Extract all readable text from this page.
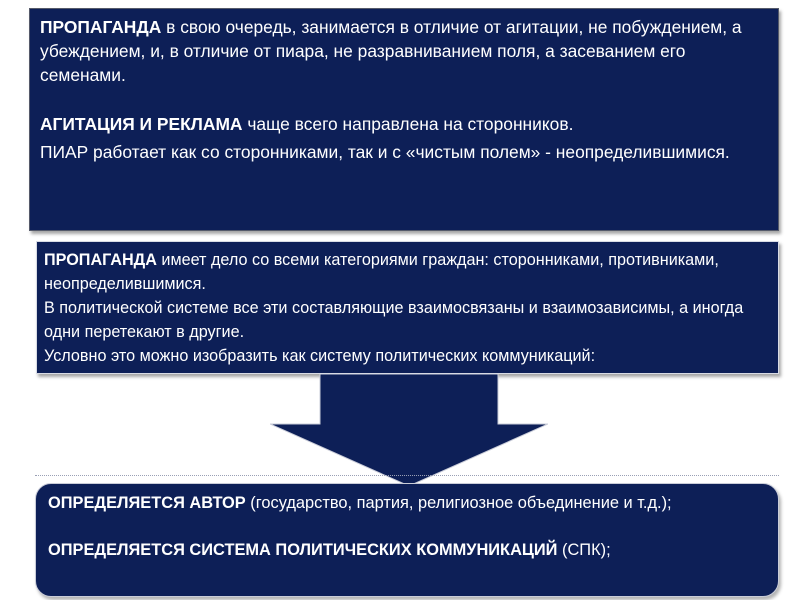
ПРОПАГАНДА в свою очередь, занимается в отличие от агитации, не побуждением, а убеждением, и, в отличие от пиара, не разравниванием поля, а засеванием его семенами.

АГИТАЦИЯ И РЕКЛАМА чаще всего направлена на сторонников.

ПИАР работает как со сторонниками, так и с «чистым полем» - неопределившимися.

ПРОПАГАНДА имеет дело со всеми категориями граждан: сторонниками, противниками, неопределившимися.

В политической системе все эти составляющие взаимосвязаны и взаимозависимы, а иногда одни перетекают в другие.

Условно это можно изобразить как систему политических коммуникаций:

ОПРЕДЕЛЯЕТСЯ АВТОР (государство, партия, религиозное объединение и т.д.);

ОПРЕДЕЛЯЕТСЯ СИСТЕМА ПОЛИТИЧЕСКИХ КОММУНИКАЦИЙ (СПК);
